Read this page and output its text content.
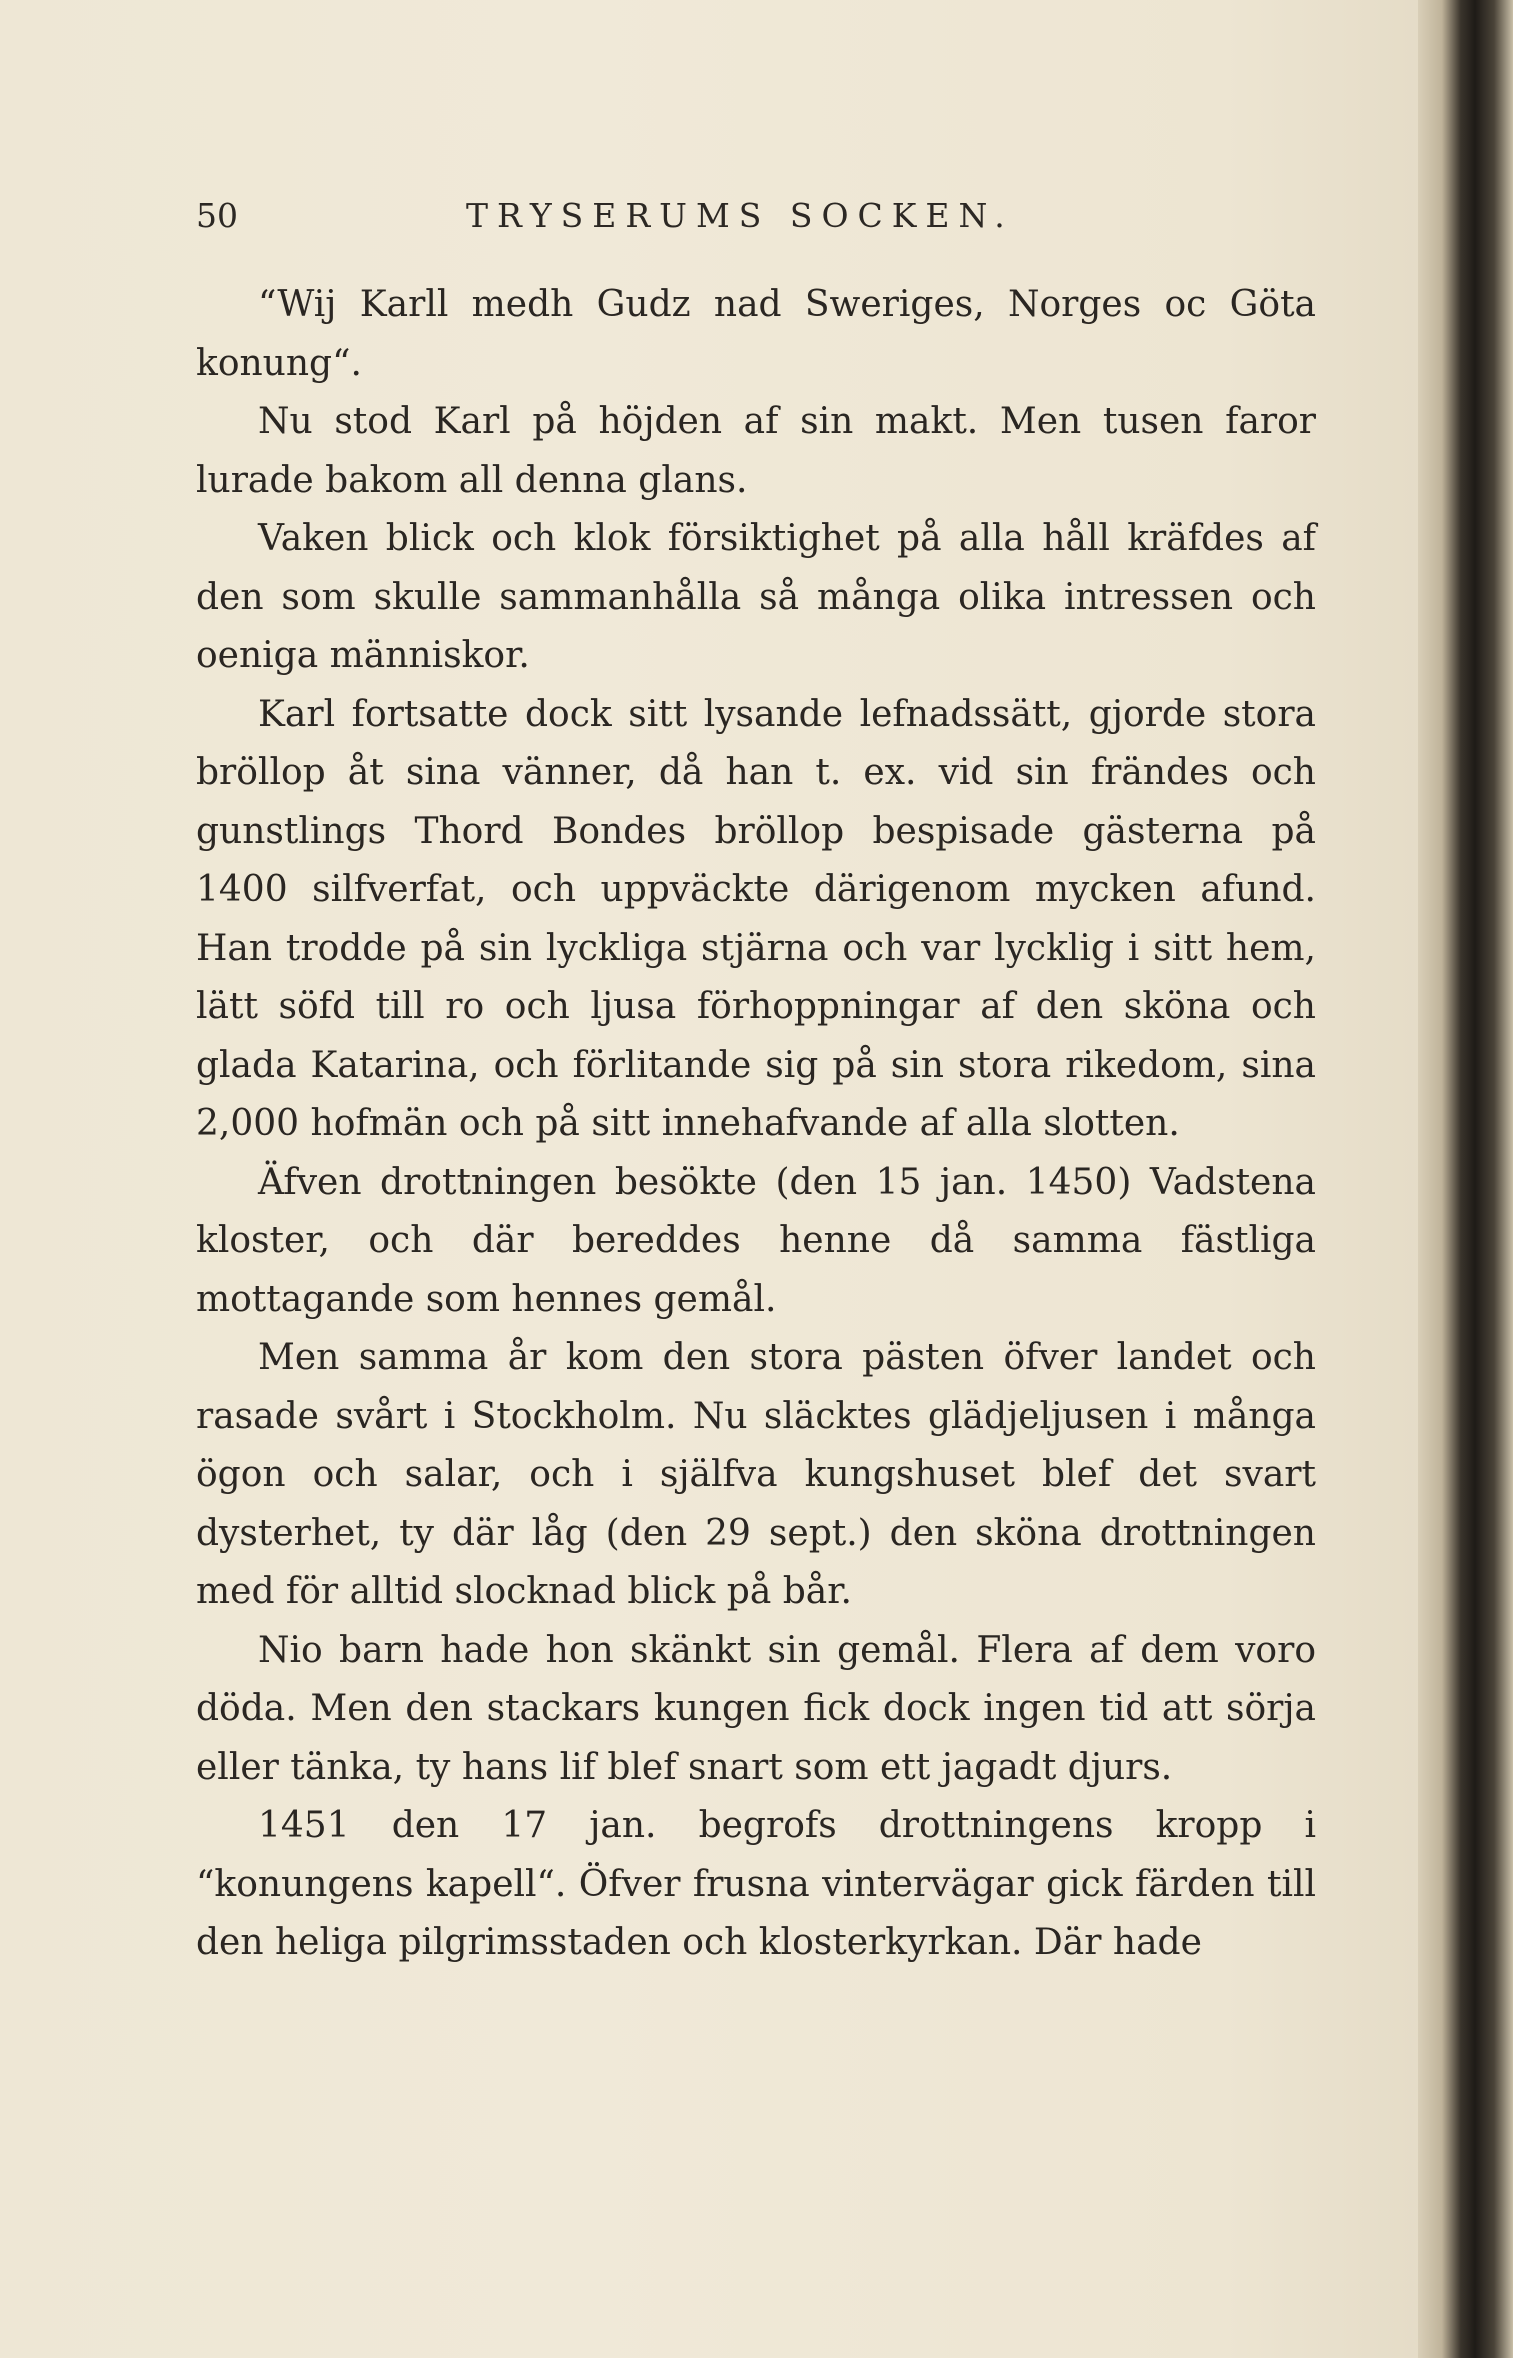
50	TRYSERUMS SOCKEN.

“Wij Karll medh Gudz nad Sweriges, Norges oc Göta konung“.

Nu stod Karl på höjden af sin makt. Men tusen faror lurade bakom all denna glans.

Vaken blick och klok försiktighet på alla håll kräfdes af den som skulle sammanhålla så många olika intressen och oeniga människor.

Karl fortsatte dock sitt lysande lefnadssätt, gjorde stora bröllop åt sina vänner, då han t. ex. vid sin frändes och gunstlings Thord Bondes bröllop bespisade gästerna på 1400 silfverfat, och uppväckte därigenom mycken afund. Han trodde på sin lyckliga stjärna och var lycklig i sitt hem, lätt söfd till ro och ljusa förhoppningar af den sköna och glada Katarina, och förlitande sig på sin stora rikedom, sina 2,000 hofmän och på sitt innehafvande af alla slotten.

Äfven drottningen besökte (den 15 jan. 1450) Vadstena kloster, och där bereddes henne då samma fästliga mottagande som hennes gemål.

Men samma år kom den stora pästen öfver landet och rasade svårt i Stockholm. Nu släcktes glädjeljusen i många ögon och salar, och i själfva kungshuset blef det svart dysterhet, ty där låg (den 29 sept.) den sköna drottningen med för alltid slocknad blick på bår.

Nio barn hade hon skänkt sin gemål. Flera af dem voro döda. Men den stackars kungen fick dock ingen tid att sörja eller tänka, ty hans lif blef snart som ett jagadt djurs.

1451 den 17 jan. begrofs drottningens kropp i “konungens kapell“. Öfver frusna vintervägar gick färden till den heliga pilgrimsstaden och klosterkyrkan. Där hade
